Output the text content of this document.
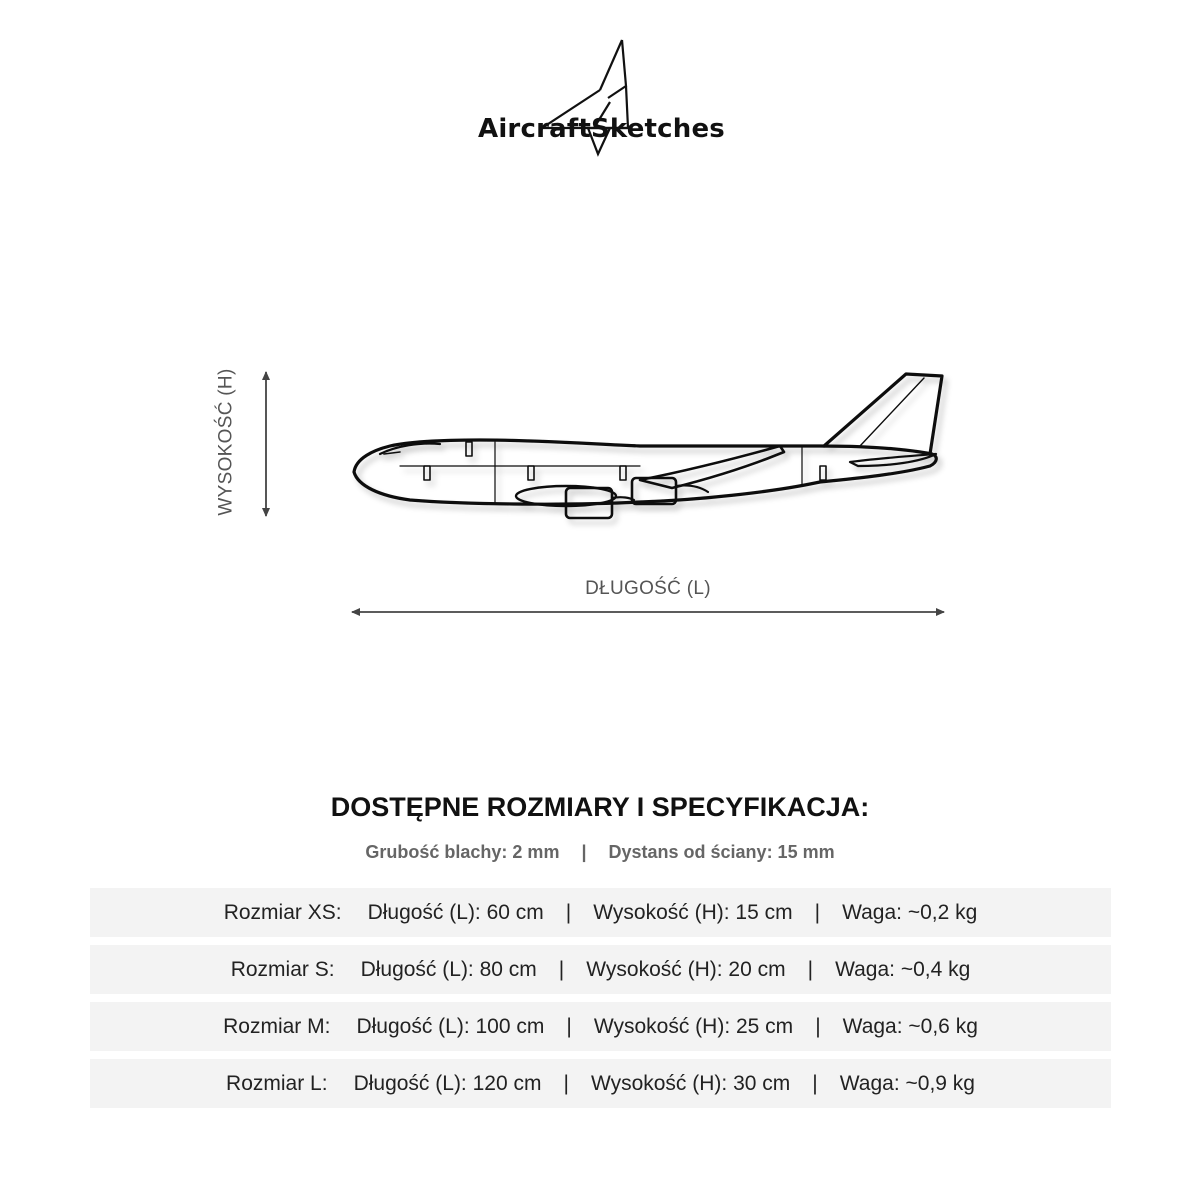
AircraftSketches
WYSOKOŚĆ (H)
DŁUGOŚĆ (L)
DOSTĘPNE ROZMIARY I SPECYFIKACJA:
Grubość blachy: 2 mm | Dystans od ściany: 15 mm
Rozmiar XS: Długość (L): 60 cm | Wysokość (H): 15 cm | Waga: ~0,2 kg
Rozmiar S: Długość (L): 80 cm | Wysokość (H): 20 cm | Waga: ~0,4 kg
Rozmiar M: Długość (L): 100 cm | Wysokość (H): 25 cm | Waga: ~0,6 kg
Rozmiar L: Długość (L): 120 cm | Wysokość (H): 30 cm | Waga: ~0,9 kg
